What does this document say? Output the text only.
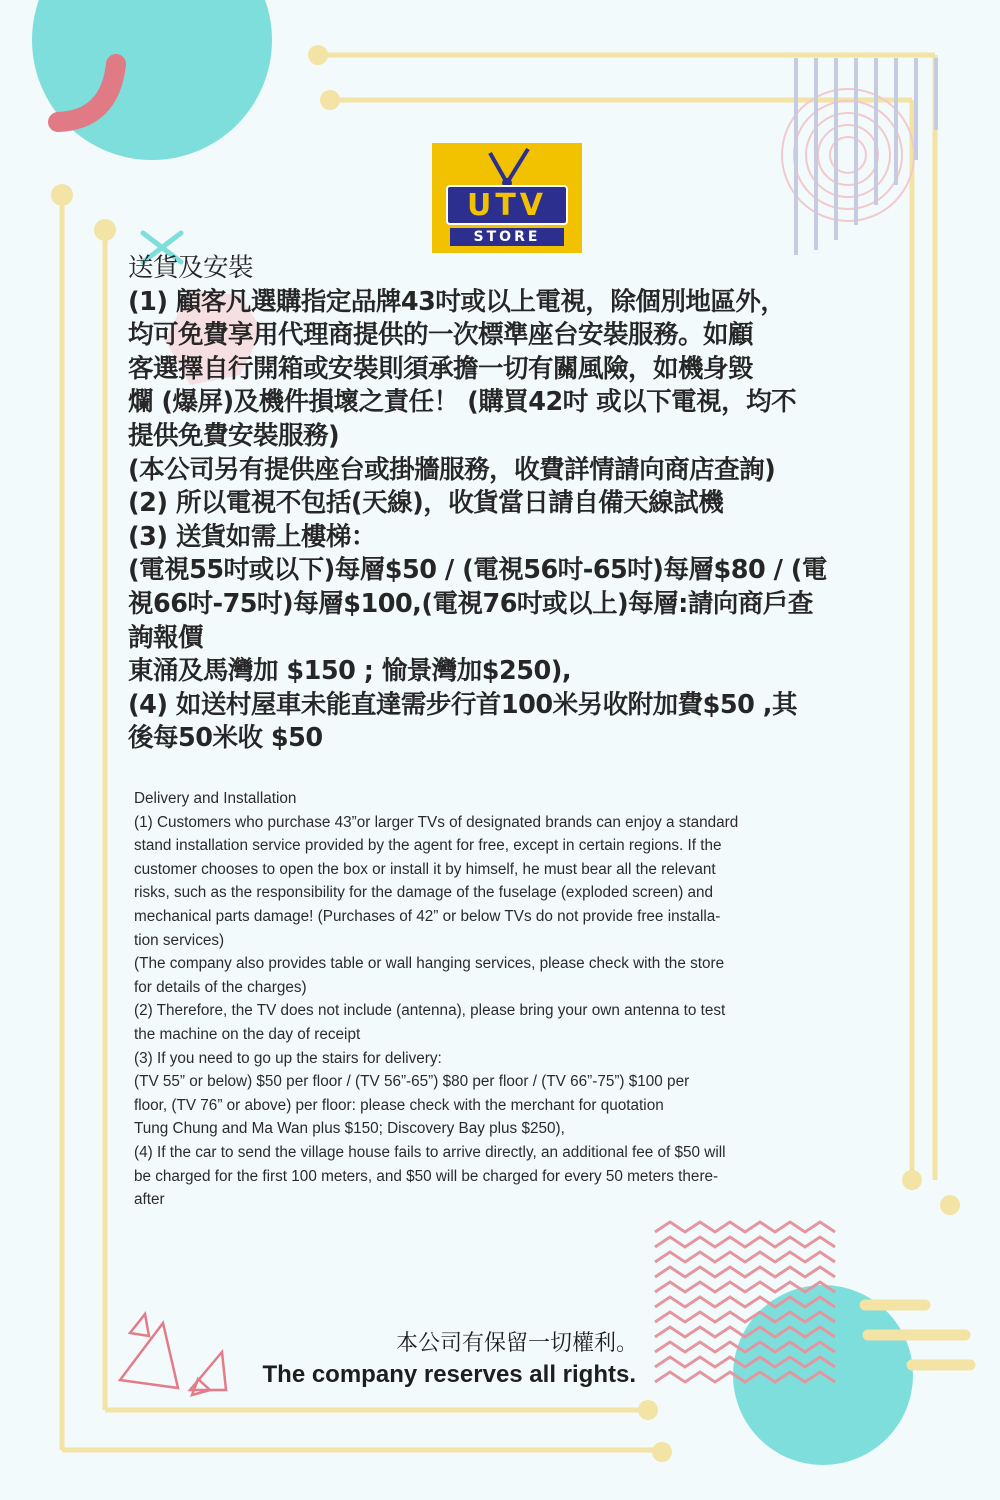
UTV
STORE
送貨及安裝
(1) 顧客凡選購指定品牌43吋或以上電視，除個別地區外，
均可免費享用代理商提供的一次標準座台安裝服務。如顧
客選擇自行開箱或安裝則須承擔一切有關風險，如機身毀
爛 (爆屏)及機件損壞之責任！ (購買42吋 或以下電視，均不
提供免費安裝服務)
(本公司另有提供座台或掛牆服務，收費詳情請向商店查詢)
(2) 所以電視不包括(天線)，收貨當日請自備天線試機
(3) 送貨如需上樓梯：
(電視55吋或以下)每層$50 / (電視56吋-65吋)每層$80 / (電
視66吋-75吋)每層$100,(電視76吋或以上)每層:請向商戶查
詢報價
東涌及馬灣加 $150 ; 愉景灣加$250),
(4) 如送村屋車未能直達需步行首100米另收附加費$50 ,其
後每50米收 $50
Delivery and Installation
(1) Customers who purchase 43”or larger TVs of designated brands can enjoy a standard
stand installation service provided by the agent for free, except in certain regions. If the
customer chooses to open the box or install it by himself, he must bear all the relevant
risks, such as the responsibility for the damage of the fuselage (exploded screen) and
mechanical parts damage! (Purchases of 42” or below TVs do not provide free installa-
tion services)
(The company also provides table or wall hanging services, please check with the store
for details of the charges)
(2) Therefore, the TV does not include (antenna), please bring your own antenna to test
the machine on the day of receipt
(3) If you need to go up the stairs for delivery:
(TV 55” or below) $50 per floor / (TV 56”-65”) $80 per floor / (TV 66”-75”) $100 per
floor, (TV 76” or above) per floor: please check with the merchant for quotation
Tung Chung and Ma Wan plus $150; Discovery Bay plus $250),
(4) If the car to send the village house fails to arrive directly, an additional fee of $50 will
be charged for the first 100 meters, and $50 will be charged for every 50 meters there-
after
本公司有保留一切權利。
The company reserves all rights.
